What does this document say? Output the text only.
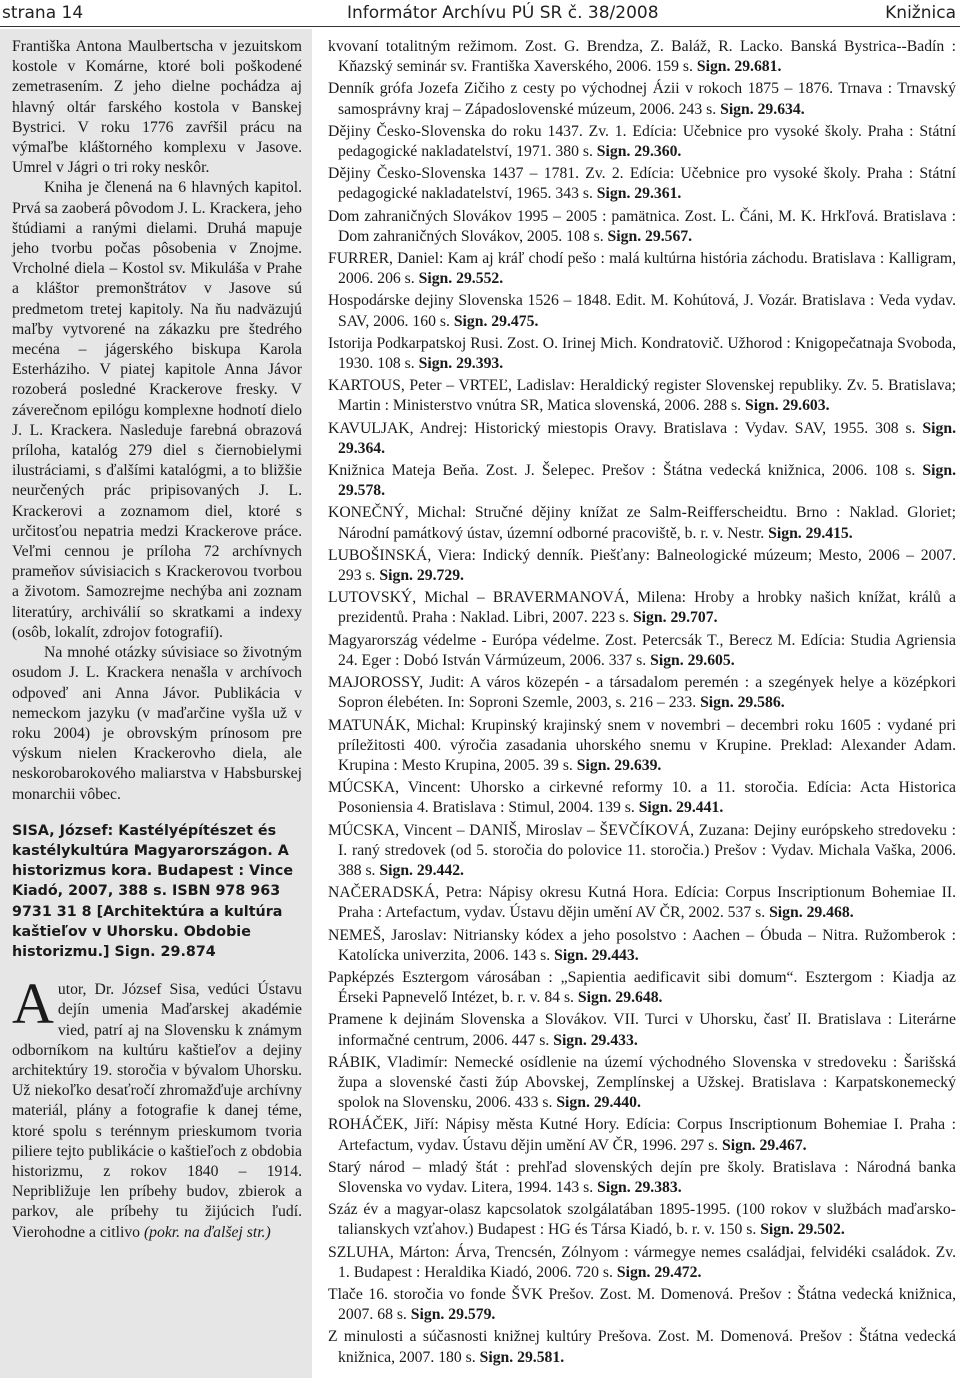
strana 14	Informátor Archívu PÚ SR č. 38/2008	Knižnica

Františka Antona Maulbertscha v jezuitskom kostole v Komárne, ktoré boli poškodené zemetrasením. Z jeho dielne pochádza aj hlavný oltár farského kostola v Banskej Bystrici. V roku 1776 zavŕšil prácu na výmaľbe kláštorného komplexu v Jasove. Umrel v Jágri o tri roky neskôr.

Kniha je členená na 6 hlavných kapitol. Prvá sa zaoberá pôvodom J. L. Krackera, jeho štúdiami a ranými dielami. Druhá mapuje jeho tvorbu počas pôsobenia v Znojme. Vrcholné diela – Kostol sv. Mikuláša v Prahe a kláštor premonštrátov v Jasove sú predmetom tretej kapitoly. Na ňu nadväzujú maľby vytvorené na zákazku pre štedrého mecéna – jágerského biskupa Karola Esterháziho. V piatej kapitole Anna Jávor rozoberá posledné Krackerove fresky. V záverečnom epilógu komplexne hodnotí dielo J. L. Krackera. Nasleduje farebná obrazová príloha, katalóg 279 diel s čiernobielymi ilustráciami, s ďalšími katalógmi, a to bližšie neurčených prác pripisovaných J. L. Krackerovi a zoznamom diel, ktoré s určitosťou nepatria medzi Krackerove práce. Veľmi cennou je príloha 72 archívnych prameňov súvisiacich s Krackerovou tvorbou a životom. Samozrejme nechýba ani zoznam literatúry, archiválií so skratkami a indexy (osôb, lokalít, zdrojov fotografií).

Na mnohé otázky súvisiace so životným osudom J. L. Krackera nenašla v archívoch odpoveď ani Anna Jávor. Publikácia v nemeckom jazyku (v maďarčine vyšla už v roku 2004) je obrovským prínosom pre výskum nielen Krackerovho diela, ale neskorobarokového maliarstva v Habsburskej monarchii vôbec.

SISA, József: Kastélyépítészet és kastélykultúra Magyarországon. A historizmus kora. Budapest : Vince Kiadó, 2007, 388 s. ISBN 978 963 9731 31 8 [Architektúra a kultúra kaštieľov v Uhorsku. Obdobie historizmu.] Sign. 29.874

Autor, Dr. József Sisa, vedúci Ústavu dejín umenia Maďarskej akadémie vied, patrí aj na Slovensku k známym odborníkom na kultúru kaštieľov a dejiny architektúry 19. storočia v bývalom Uhorsku. Už niekoľko desaťročí zhromažďuje archívny materiál, plány a fotografie k danej téme, ktoré spolu s terénnym prieskumom tvoria piliere tejto publikácie o kaštieľoch z obdobia historizmu, z rokov 1840 – 1914. Nepribližuje len príbehy budov, zbierok a parkov, ale príbehy tu žijúcich ľudí. Vierohodne a citlivo (pokr. na ďalšej str.)

kvovaní totalitným režimom. Zost. G. Brendza, Z. Baláž, R. Lacko. Banská Bystrica--Badín : Kňazský seminár sv. Františka Xaverského, 2006. 159 s. Sign. 29.681.

Denník grófa Jozefa Zičiho z cesty po východnej Ázii v rokoch 1875 – 1876. Trnava : Trnavský samosprávny kraj – Západoslovenské múzeum, 2006. 243 s. Sign. 29.634.

Dějiny Česko-Slovenska do roku 1437. Zv. 1. Edícia: Učebnice pro vysoké školy. Praha : Státní pedagogické nakladatelství, 1971. 380 s. Sign. 29.360.

Dějiny Česko-Slovenska 1437 – 1781. Zv. 2. Edícia: Učebnice pro vysoké školy. Praha : Státní pedagogické nakladatelství, 1965. 343 s. Sign. 29.361.

Dom zahraničných Slovákov 1995 – 2005 : pamätnica. Zost. L. Čáni, M. K. Hrkľová. Bratislava : Dom zahraničných Slovákov, 2005. 108 s. Sign. 29.567.

FURRER, Daniel: Kam aj kráľ chodí pešo : malá kultúrna história záchodu. Bratislava : Kalligram, 2006. 206 s. Sign. 29.552.

Hospodárske dejiny Slovenska 1526 – 1848. Edit. M. Kohútová, J. Vozár. Bratislava : Veda vydav. SAV, 2006. 160 s. Sign. 29.475.

Istorija Podkarpatskoj Rusi. Zost. O. Irinej Mich. Kondratovič. Užhorod : Knigopečatnaja Svoboda, 1930. 108 s. Sign. 29.393.

KARTOUS, Peter – VRTEĽ, Ladislav: Heraldický register Slovenskej republiky. Zv. 5. Bratislava; Martin : Ministerstvo vnútra SR, Matica slovenská, 2006. 288 s. Sign. 29.603.

KAVULJAK, Andrej: Historický miestopis Oravy. Bratislava : Vydav. SAV, 1955. 308 s. Sign. 29.364.

Knižnica Mateja Beňa. Zost. J. Šelepec. Prešov : Štátna vedecká knižnica, 2006. 108 s. Sign. 29.578.

KONEČNÝ, Michal: Stručné dějiny knížat ze Salm-Reifferscheidtu. Brno : Naklad. Gloriet; Národní památkový ústav, územní odborné pracoviště, b. r. v. Nestr. Sign. 29.415.

LUBOŠINSKÁ, Viera: Indický denník. Piešťany: Balneologické múzeum; Mesto, 2006 – 2007. 293 s. Sign. 29.729.

LUTOVSKÝ, Michal – BRAVERMANOVÁ, Milena: Hroby a hrobky našich knížat, králů a prezidentů. Praha : Naklad. Libri, 2007. 223 s. Sign. 29.707.

Magyarország védelme - Európa védelme. Zost. Petercsák T., Berecz M. Edícia: Studia Agriensia 24. Eger : Dobó István Vármúzeum, 2006. 337 s. Sign. 29.605.

MAJOROSSY, Judit: A város közepén - a társadalom peremén : a szegények helye a középkori Sopron élebéten. In: Soproni Szemle, 2003, s. 216 – 233. Sign. 29.586.

MATUNÁK, Michal: Krupinský krajinský snem v novembri – decembri roku 1605 : vydané pri príležitosti 400. výročia zasadania uhorského snemu v Krupine. Preklad: Alexander Adam. Krupina : Mesto Krupina, 2005. 39 s. Sign. 29.639.

MÚCSKA, Vincent: Uhorsko a cirkevné reformy 10. a 11. storočia. Edícia: Acta Historica Posoniensia 4. Bratislava : Stimul, 2004. 139 s. Sign. 29.441.

MÚCSKA, Vincent – DANIŠ, Miroslav – ŠEVČÍKOVÁ, Zuzana: Dejiny európskeho stredoveku : I. raný stredovek (od 5. storočia do polovice 11. storočia.) Prešov : Vydav. Michala Vaška, 2006. 388 s. Sign. 29.442.

NAČERADSKÁ, Petra: Nápisy okresu Kutná Hora. Edícia: Corpus Inscriptionum Bohemiae II. Praha : Artefactum, vydav. Ústavu dějin umění AV ČR, 2002. 537 s. Sign. 29.468.

NEMEŠ, Jaroslav: Nitriansky kódex a jeho posolstvo : Aachen – Óbuda – Nitra. Ružomberok : Katolícka univerzita, 2006. 143 s. Sign. 29.443.

Papképzés Esztergom városában : „Sapientia aedificavit sibi domum“. Esztergom : Kiadja az Érseki Papnevelő Intézet, b. r. v. 84 s. Sign. 29.648.

Pramene k dejinám Slovenska a Slovákov. VII. Turci v Uhorsku, časť II. Bratislava : Literárne informačné centrum, 2006. 447 s. Sign. 29.433.

RÁBIK, Vladimír: Nemecké osídlenie na území východného Slovenska v stredoveku : Šarišská župa a slovenské časti žúp Abovskej, Zemplínskej a Užskej. Bratislava : Karpatskonemecký spolok na Slovensku, 2006. 433 s. Sign. 29.440.

ROHÁČEK, Jiří: Nápisy města Kutné Hory. Edícia: Corpus Inscriptionum Bohemiae I. Praha : Artefactum, vydav. Ústavu dějin umění AV ČR, 1996. 297 s. Sign. 29.467.

Starý národ – mladý štát : prehľad slovenských dejín pre školy. Bratislava : Národná banka Slovenska vo vydav. Litera, 1994. 143 s. Sign. 29.383.

Száz év a magyar-olasz kapcsolatok szolgálatában 1895-1995. (100 rokov v službách maďarsko-talianskych vzťahov.) Budapest : HG és Társa Kiadó, b. r. v. 150 s. Sign. 29.502.

SZLUHA, Márton: Árva, Trencsén, Zólnyom : vármegye nemes családjai, felvidéki családok. Zv. 1. Budapest : Heraldika Kiadó, 2006. 720 s. Sign. 29.472.

Tlače 16. storočia vo fonde ŠVK Prešov. Zost. M. Domenová. Prešov : Štátna vedecká knižnica, 2007. 68 s. Sign. 29.579.

Z minulosti a súčasnosti knižnej kultúry Prešova. Zost. M. Domenová. Prešov : Štátna vedecká knižnica, 2007. 180 s. Sign. 29.581.
